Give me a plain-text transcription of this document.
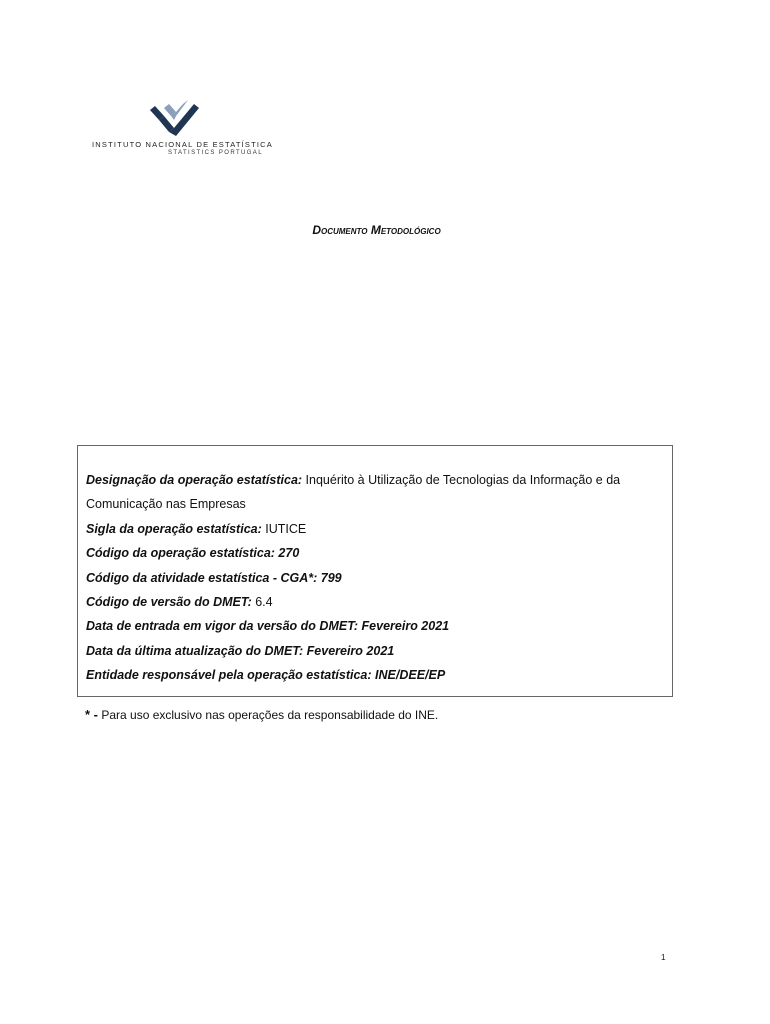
INSTITUTO NACIONAL DE ESTATÍSTICA
STATISTICS PORTUGAL
Documento Metodológico
Designação da operação estatística: Inquérito à Utilização de Tecnologias da Informação e da
Comunicação nas Empresas
Sigla da operação estatística: IUTICE
Código da operação estatística: 270
Código da atividade estatística - CGA*: 799
Código de versão do DMET: 6.4
Data de entrada em vigor da versão do DMET: Fevereiro 2021
Data da última atualização do DMET: Fevereiro 2021
Entidade responsável pela operação estatística: INE/DEE/EP
* - Para uso exclusivo nas operações da responsabilidade do INE.
1
